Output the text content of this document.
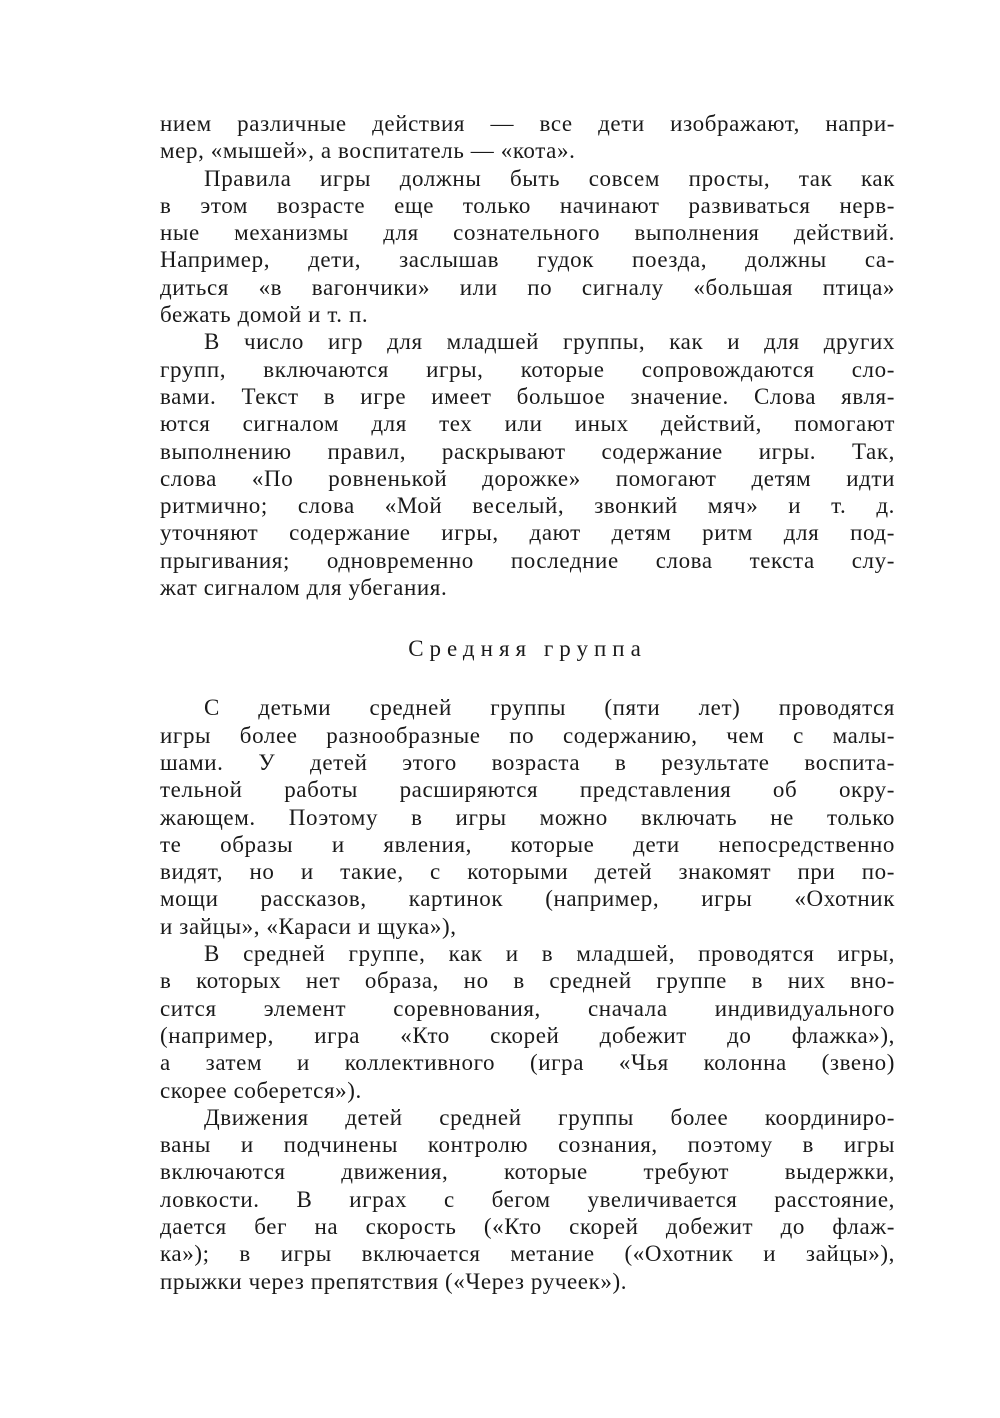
нием различные действия — все дети изображают, напри-
мер, «мышей», а воспитатель — «кота».
Правила игры должны быть совсем просты, так как
в этом возрасте еще только начинают развиваться нерв-
ные механизмы для сознательного выполнения действий.
Например, дети, заслышав гудок поезда, должны са-
диться «в вагончики» или по сигналу «большая птица»
бежать домой и т. п.
В число игр для младшей группы, как и для других
групп, включаются игры, которые сопровождаются сло-
вами. Текст в игре имеет большое значение. Слова явля-
ются сигналом для тех или иных действий, помогают
выполнению правил, раскрывают содержание игры. Так,
слова «По ровненькой дорожке» помогают детям идти
ритмично; слова «Мой веселый, звонкий мяч» и т. д.
уточняют содержание игры, дают детям ритм для под-
прыгивания; одновременно последние слова текста слу-
жат сигналом для убегания.
Средняя группа
С детьми средней группы (пяти лет) проводятся
игры более разнообразные по содержанию, чем с малы-
шами. У детей этого возраста в результате воспита-
тельной работы расширяются представления об окру-
жающем. Поэтому в игры можно включать не только
те образы и явления, которые дети непосредственно
видят, но и такие, с которыми детей знакомят при по-
мощи рассказов, картинок (например, игры «Охотник
и зайцы», «Караси и щука»),
В средней группе, как и в младшей, проводятся игры,
в которых нет образа, но в средней группе в них вно-
сится элемент соревнования, сначала индивидуального
(например, игра «Кто скорей добежит до флажка»),
а затем и коллективного (игра «Чья колонна (звено)
скорее соберется»).
Движения детей средней группы более координиро-
ваны и подчинены контролю сознания, поэтому в игры
включаются движения, которые требуют выдержки,
ловкости. В играх с бегом увеличивается расстояние,
дается бег на скорость («Кто скорей добежит до флаж-
ка»); в игры включается метание («Охотник и зайцы»),
прыжки через препятствия («Через ручеек»).
